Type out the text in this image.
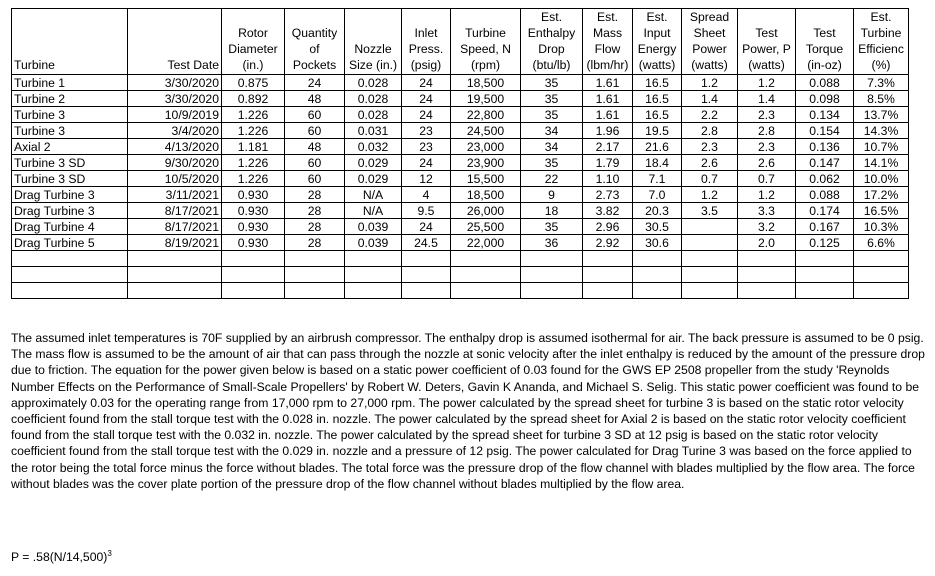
Turbine	Test Date	Rotor Diameter (in.)	Quantity of Pockets	Nozzle Size (in.)	Inlet Press. (psig)	Turbine Speed, N (rpm)	Est. Enthalpy Drop (btu/lb)	Est. Mass Flow (lbm/hr)	Est. Input Energy (watts)	Spread Sheet Power (watts)	Test Power, P (watts)	Test Torque (in-oz)	Est. Turbine Efficienc (%)
Turbine 1	3/30/2020	0.875	24	0.028	24	18,500	35	1.61	16.5	1.2	1.2	0.088	7.3%
Turbine 2	3/30/2020	0.892	48	0.028	24	19,500	35	1.61	16.5	1.4	1.4	0.098	8.5%
Turbine 3	10/9/2019	1.226	60	0.028	24	22,800	35	1.61	16.5	2.2	2.3	0.134	13.7%
Turbine 3	3/4/2020	1.226	60	0.031	23	24,500	34	1.96	19.5	2.8	2.8	0.154	14.3%
Axial 2	4/13/2020	1.181	48	0.032	23	23,000	34	2.17	21.6	2.3	2.3	0.136	10.7%
Turbine 3 SD	9/30/2020	1.226	60	0.029	24	23,900	35	1.79	18.4	2.6	2.6	0.147	14.1%
Turbine 3 SD	10/5/2020	1.226	60	0.029	12	15,500	22	1.10	7.1	0.7	0.7	0.062	10.0%
Drag Turbine 3	3/11/2021	0.930	28	N/A	4	18,500	9	2.73	7.0	1.2	1.2	0.088	17.2%
Drag Turbine 3	8/17/2021	0.930	28	N/A	9.5	26,000	18	3.82	20.3	3.5	3.3	0.174	16.5%
Drag Turbine 4	8/17/2021	0.930	28	0.039	24	25,500	35	2.96	30.5		3.2	0.167	10.3%
Drag Turbine 5	8/19/2021	0.930	28	0.039	24.5	22,000	36	2.92	30.6		2.0	0.125	6.6%

The assumed inlet temperatures is 70F supplied by an airbrush compressor. The enthalpy drop is assumed isothermal for air. The back pressure is assumed to be 0 psig. The mass flow is assumed to be the amount of air that can pass through the nozzle at sonic velocity after the inlet enthalpy is reduced by the amount of the pressure drop due to friction. The equation for the power given below is based on a static power coefficient of 0.03 found for the GWS EP 2508 propeller from the study 'Reynolds Number Effects on the Performance of Small-Scale Propellers' by Robert W. Deters, Gavin K Ananda, and Michael S. Selig. This static power coefficient was found to be approximately 0.03 for the operating range from 17,000 rpm to 27,000 rpm. The power calculated by the spread sheet for turbine 3 is based on the static rotor velocity coefficient found from the stall torque test with the 0.028 in. nozzle. The power calculated by the spread sheet for Axial 2 is based on the static rotor velocity coefficient found from the stall torque test with the 0.032 in. nozzle. The power calculated by the spread sheet for turbine 3 SD at 12 psig is based on the static rotor velocity coefficient found from the stall torque test with the 0.029 in. nozzle and a pressure of 12 psig. The power calculated for Drag Turine 3 was based on the force applied to the rotor being the total force minus the force without blades. The total force was the pressure drop of the flow channel with blades multiplied by the flow area. The force without blades was the cover plate portion of the pressure drop of the flow channel without blades multiplied by the flow area.

$P = .58(N/14,500)^3$
